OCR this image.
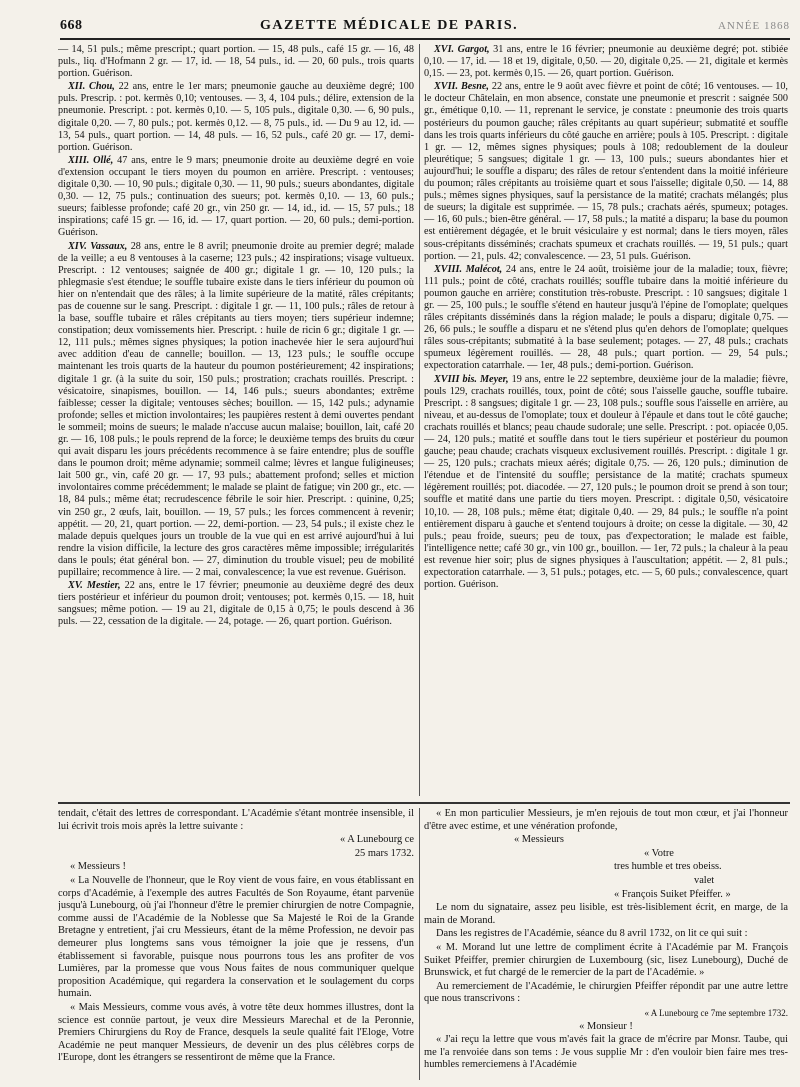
668	GAZETTE MÉDICALE DE PARIS.	ANNÉE 1868

— 14, 51 puls.; même prescript.; quart portion. — 15, 48 puls., café 15 gr. — 16, 48 puls., liq. d'Hofmann 2 gr. — 17, id. — 18, 54 puls., id. — 20, 60 puls., trois quarts portion. Guérison.

XII. Chou, 22 ans, entre le 1er mars; pneumonie gauche au deuxième degré; 100 puls. Prescrip. : pot. kermès 0,10; ventouses. — 3, 4, 104 puls.; délire, extension de la pneumonie. Prescript. : pot. kermès 0,10. — 5, 105 puls., digitale 0,30. — 6, 90 puls., digitale 0,20. — 7, 80 puls.; pot. kermès 0,12. — 8, 75 puls., id. — Du 9 au 12, id. — 13, 54 puls., quart portion. — 14, 48 puls. — 16, 52 puls., café 20 gr. — 17, demi-portion. Guérison.

XIII. Ollé, 47 ans, entre le 9 mars; pneumonie droite au deuxième degré en voie d'extension occupant le tiers moyen du poumon en arrière. Prescript. : ventouses; digitale 0,30. — 10, 90 puls.; digitale 0,30. — 11, 90 puls.; sueurs abondantes, digitale 0,30. — 12, 75 puls.; continuation des sueurs; pot. kermès 0,10. — 13, 60 puls.; sueurs; faiblesse profonde; café 20 gr., vin 250 gr. — 14, id., id. — 15, 57 puls.; 18 inspirations; café 15 gr. — 16, id. — 17, quart portion. — 20, 60 puls.; demi-portion. Guérison.

XIV. Vassaux, 28 ans, entre le 8 avril; pneumonie droite au premier degré; malade de la veille; a eu 8 ventouses à la caserne; 123 puls.; 42 inspirations; visage vultueux. Prescript. : 12 ventouses; saignée de 400 gr.; digitale 1 gr. — 10, 120 puls.; la phlegmasie s'est étendue; le souffle tubaire existe dans le tiers inférieur du poumon où hier on n'entendait que des râles; à la limite supérieure de la matité, râles crépitants; pas de couenne sur le sang. Prescript. : digitale 1 gr. — 11, 100 puls.; râles de retour à la base, souffle tubaire et râles crépitants au tiers moyen; tiers supérieur indemne; constipation; deux vomissements hier. Prescript. : huile de ricin 6 gr.; digitale 1 gr. — 12, 111 puls.; mêmes signes physiques; la potion inachevée hier le sera aujourd'hui avec addition d'eau de cannelle; bouillon. — 13, 123 puls.; le souffle occupe maintenant les trois quarts de la hauteur du poumon postérieurement; 42 inspirations; digitale 1 gr. (à la suite du soir, 150 puls.; prostration; crachats rouillés. Prescript. : vésicatoire, sinapismes, bouillon. — 14, 146 puls.; sueurs abondantes; extrême faiblesse; cesser la digitale; ventouses sèches; bouillon. — 15, 142 puls.; adynamie profonde; selles et miction involontaires; les paupières restent à demi ouvertes pendant le sommeil; moins de sueurs; le malade n'accuse aucun malaise; bouillon, lait, café 20 gr. — 16, 108 puls.; le pouls reprend de la force; le deuxième temps des bruits du cœur qui avait disparu les jours précédents recommence à se faire entendre; plus de souffle dans le poumon droit; même adynamie; sommeil calme; lèvres et langue fuligineuses; lait 500 gr., vin, café 20 gr. — 17, 93 puls.; abattement profond; selles et miction involontaires comme précédemment; le malade se plaint de fatigue; vin 200 gr., etc. — 18, 84 puls.; même état; recrudescence fébrile le soir hier. Prescript. : quinine, 0,25; vin 250 gr., 2 œufs, lait, bouillon. — 19, 57 puls.; les forces commencent à revenir; appétit. — 20, 21, quart portion. — 22, demi-portion. — 23, 54 puls.; il existe chez le malade depuis quelques jours un trouble de la vue qui en est arrivé aujourd'hui à lui rendre la vision difficile, la lecture des gros caractères même impossible; irrégularités dans le pouls; état général bon. — 27, diminution du trouble visuel; peu de mobilité pupillaire; recommence à lire. — 2 mai, convalescence; la vue est revenue. Guérison.

XV. Mestier, 22 ans, entre le 17 février; pneumonie au deuxième degré des deux tiers postérieur et inférieur du poumon droit; ventouses; pot. kermès 0,15. — 18, huit sangsues; même potion. — 19 au 21, digitale de 0,15 à 0,75; le pouls descend à 36 puls. — 22, cessation de la digitale. — 24, potage. — 26, quart portion. Guérison.

XVI. Gargot, 31 ans, entre le 16 février; pneumonie au deuxième degré; pot. stibiée 0,10. — 17, id. — 18 et 19, digitale, 0,50. — 20, digitale 0,25. — 21, digitale et kermès 0,15. — 23, pot. kermès 0,15. — 26, quart portion. Guérison.

XVII. Besne, 22 ans, entre le 9 août avec fièvre et point de côté; 16 ventouses. — 10, le docteur Châtelain, en mon absence, constate une pneumonie et prescrit : saignée 500 gr., émétique 0,10. — 11, reprenant le service, je constate : pneumonie des trois quarts postérieurs du poumon gauche; râles crépitants au quart supérieur; submatité et souffle dans les trois quarts inférieurs du côté gauche en arrière; pouls à 105. Prescript. : digitale 1 gr. — 12, mêmes signes physiques; pouls à 108; redoublement de la douleur pleurétique; 5 sangsues; digitale 1 gr. — 13, 100 puls.; sueurs abondantes hier et aujourd'hui; le souffle a disparu; des râles de retour s'entendent dans la moitié inférieure du poumon; râles crépitants au troisième quart et sous l'aisselle; digitale 0,50. — 14, 88 puls.; mêmes signes physiques, sauf la persistance de la matité; crachats mélangés; plus de sueurs; la digitale est supprimée. — 15, 78 puls.; crachats aérés, spumeux; potages. — 16, 60 puls.; bien-être général. — 17, 58 puls.; la matité a disparu; la base du poumon est entièrement dégagée, et le bruit vésiculaire y est normal; dans le tiers moyen, râles sous-crépitants disséminés; crachats spumeux et crachats rouillés. — 19, 51 puls.; quart portion. — 21, puls. 42; convalescence. — 23, 51 puls. Guérison.

XVIII. Malécot, 24 ans, entre le 24 août, troisième jour de la maladie; toux, fièvre; 111 puls.; point de côté, crachats rouillés; souffle tubaire dans la moitié inférieure du poumon gauche en arrière; constitution très-robuste. Prescript. : 10 sangsues; digitale 1 gr. — 25, 100 puls.; le souffle s'étend en hauteur jusqu'à l'épine de l'omoplate; quelques râles crépitants disséminés dans la région malade; le pouls a disparu; digitale 0,75. — 26, 66 puls.; le souffle a disparu et ne s'étend plus qu'en dehors de l'omoplate; quelques râles sous-crépitants; submatité à la base seulement; potages. — 27, 48 puls.; crachats spumeux légèrement rouillés. — 28, 48 puls.; quart portion. — 29, 54 puls.; expectoration catarrhale. — 1er, 48 puls.; demi-portion. Guérison.

XVIII bis. Meyer, 19 ans, entre le 22 septembre, deuxième jour de la maladie; fièvre, pouls 129, crachats rouillés, toux, point de côté; sous l'aisselle gauche, souffle tubaire. Prescript. : 8 sangsues; digitale 1 gr. — 23, 108 puls.; souffle sous l'aisselle en arrière, au niveau, et au-dessus de l'omoplate; toux et douleur à l'épaule et dans tout le côté gauche; crachats rouillés et blancs; peau chaude sudorale; une selle. Prescript. : pot. opiacée 0,05. — 24, 120 puls.; matité et souffle dans tout le tiers supérieur et postérieur du poumon gauche; peau chaude; crachats visqueux exclusivement rouillés. Prescript. : digitale 1 gr. — 25, 120 puls.; crachats mieux aérés; digitale 0,75. — 26, 120 puls.; diminution de l'étendue et de l'intensité du souffle; persistance de la matité; crachats spumeux légèrement rouillés; pot. diacodée. — 27, 120 puls.; le poumon droit se prend à son tour; souffle et matité dans une partie du tiers moyen. Prescript. : digitale 0,50, vésicatoire 10,10. — 28, 108 puls.; même état; digitale 0,40. — 29, 84 puls.; le souffle n'a point entièrement disparu à gauche et s'entend toujours à droite; on cesse la digitale. — 30, 42 puls.; peau froide, sueurs; peu de toux, pas d'expectoration; le malade est faible, l'intelligence nette; café 30 gr., vin 100 gr., bouillon. — 1er, 72 puls.; la chaleur à la peau est revenue hier soir; plus de signes physiques à l'auscultation; appétit. — 2, 81 puls.; expectoration catarrhale. — 3, 51 puls.; potages, etc. — 5, 60 puls.; convalescence, quart portion. Guérison.

tendait, c'était des lettres de correspondant. L'Académie s'étant montrée insensible, il lui écrivit trois mois après la lettre suivante :

« A Lunebourg ce

25 mars 1732.

« Messieurs !

« La Nouvelle de l'honneur, que le Roy vient de vous faire, en vous établissant en corps d'Académie, à l'exemple des autres Facultés de Son Royaume, étant parvenüe jusqu'à Lunebourg, où j'ai l'honneur d'être le premier chirurgien de notre Compagnie, comme aussi de l'Académie de la Noblesse que Sa Majesté le Roi de la Grande Bretagne y entretient, j'ai cru Messieurs, étant de la même Profession, ne devoir pas demeurer plus longtems sans vous témoigner la joie que je ressens, d'un établissement si favorable, puisque nous pourrons tous les ans profiter de vos Lumières, par la promesse que vous Nous faites de nous communiquer quelque proposition Académique, qui regardera la conservation et le soulagement du corps humain.

« Mais Messieurs, comme vous avés, à votre tête deux hommes illustres, dont la science est connüe partout, je veux dire Messieurs Marechal et de la Peronnie, Premiers Chirurgiens du Roy de France, desquels la seule qualité fait l'Eloge, Votre Académie ne peut manquer Messieurs, de devenir un des plus célèbres corps de l'Europe, dont les étrangers se ressentiront de même que la France.

« En mon particulier Messieurs, je m'en rejouis de tout mon cœur, et j'ai l'honneur d'être avec estime, et une vénération profonde,

« Messieurs

« Votre

tres humble et tres obeiss.

valet

« François Suiket Pfeiffer. »

Le nom du signataire, assez peu lisible, est très-lisiblement écrit, en marge, de la main de Morand.

Dans les registres de l'Académie, séance du 8 avril 1732, on lit ce qui suit :

« M. Morand lut une lettre de compliment écrite à l'Académie par M. François Suiket Pfeiffer, premier chirurgien de Luxembourg (sic, lisez Lunebourg), Duché de Brunswick, et fut chargé de le remercier de la part de l'Académie. »

Au remerciement de l'Académie, le chirurgien Pfeiffer répondit par une autre lettre que nous transcrivons :

« A Lunebourg ce 7me septembre 1732.

« Monsieur !

« J'ai reçu la lettre que vous m'avés fait la grace de m'écrire par Monsr. Taube, qui me l'a renvoiée dans son tems : Je vous supplie Mr : d'en vouloir bien faire mes tres-humbles remerciemens à l'Académie
